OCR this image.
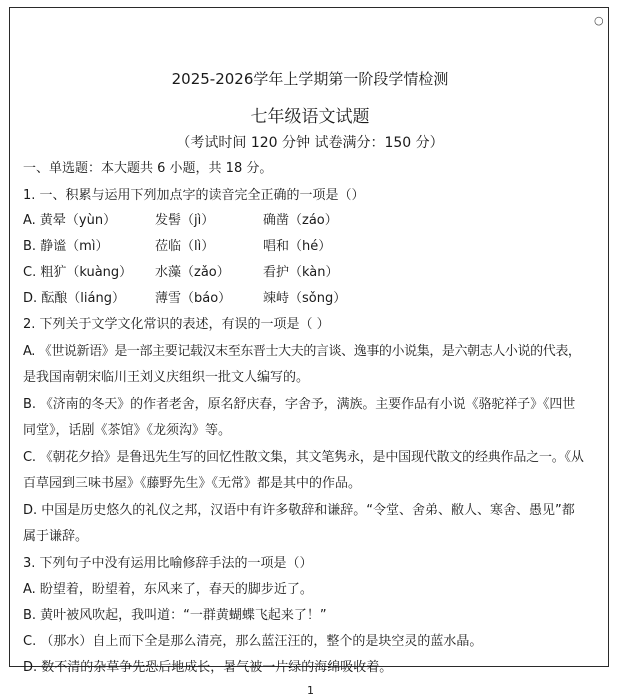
2025-2026学年上学期第一阶段学情检测
七年级语文试题
（考试时间 120 分钟 试卷满分：150 分）
一、单选题：本大题共 6 小题，共 18 分。
1. 一、积累与运用下列加点字的读音完全正确的一项是（）
A. 黄晕（yùn）	发髻（jì）	确凿（záo）
B. 静谧（mì）	莅临（lì）	唱和（hé）
C. 粗犷（kuàng） 水藻（zǎo）	看护（kàn）
D. 酝酿（liáng） 薄雪（báo） 竦峙（sǒng）
2. 下列关于文学文化常识的表述，有误的一项是（ ）
A. 《世说新语》是一部主要记载汉末至东晋士大夫的言谈、逸事的小说集，是六朝志人小说的代表，
是我国南朝宋临川王刘义庆组织一批文人编写的。
B. 《济南的冬天》的作者老舍，原名舒庆春，字舍予，满族。主要作品有小说《骆驼祥子》《四世
同堂》，话剧《茶馆》《龙须沟》等。
C. 《朝花夕拾》是鲁迅先生写的回忆性散文集，其文笔隽永，是中国现代散文的经典作品之一。《从
百草园到三味书屋》《藤野先生》《无常》都是其中的作品。
D. 中国是历史悠久的礼仪之邦，汉语中有许多敬辞和谦辞。“令堂、舍弟、敝人、寒舍、愚见”都
属于谦辞。
3. 下列句子中没有运用比喻修辞手法的一项是（）
A. 盼望着，盼望着，东风来了，春天的脚步近了。
B. 黄叶被风吹起，我叫道：“一群黄蝴蝶飞起来了！”
C. （那水）自上而下全是那么清亮，那么蓝汪汪的，整个的是块空灵的蓝水晶。
D. 数不清的杂草争先恐后地成长，暑气被一片绿的海绵吸收着。
○
1
